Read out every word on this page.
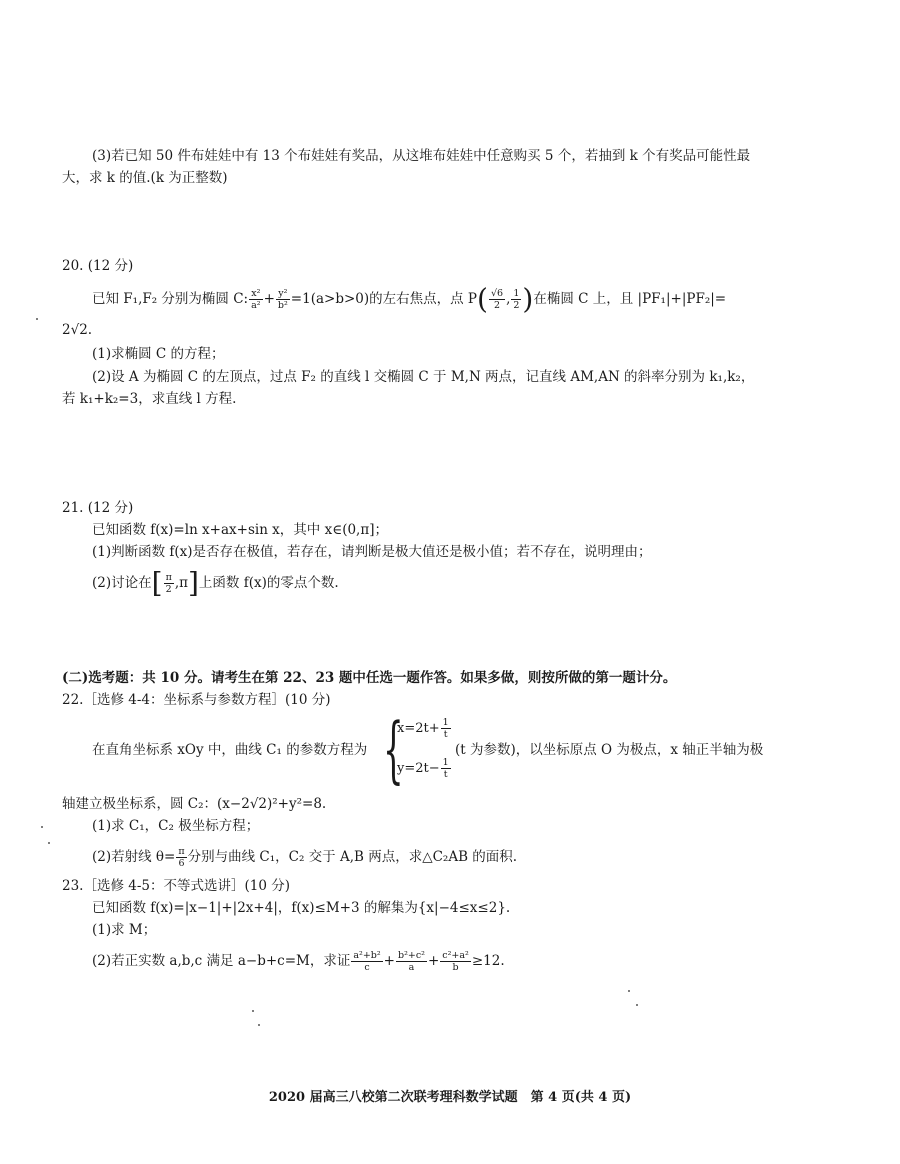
(3)若已知 50 件布娃娃中有 13 个布娃娃有奖品，从这堆布娃娃中任意购买 5 个，若抽到 k 个有奖品可能性最
大，求 k 的值.(k 为正整数)
20. (12 分)
已知 F₁,F₂ 分别为椭圆 C: $\frac{\text{x²}}{\text{a²}} + \frac{\text{y²}}{\text{b²}} =1(a>b>0)$的左右焦点，点 $P( \frac{√6}{2}$ , $\frac{1}{2}$ )在椭圆 C 上，且 |PF₁|+|PF₂|=
2√2.
(1)求椭圆 C 的方程；
(2)设 A 为椭圆 C 的左顶点，过点 F₂ 的直线 l 交椭圆 C 于 M,N 两点，记直线 AM,AN 的斜率分别为 k₁,k₂，
若 k₁+k₂=3，求直线 l 方程.
21. (12 分)
已知函数 f(x)=ln x+ax+sin x，其中 x∈(0,π]；
(1)判断函数 f(x)是否存在极值，若存在，请判断是极大值还是极小值；若不存在，说明理由；
(2)讨论在[ $\frac{\pi}{2} ,\pi$]上函数 f(x)的零点个数.
(二)选考题：共 10 分。请考生在第 22、23 题中任选一题作答。如果多做，则按所做的第一题计分。
22.［选修 4-4：坐标系与参数方程］(10 分)
在直角坐标系 xOy 中，曲线 C₁ 的参数方程为 {
$x=2t+ \frac{1}{t}$
$y=2t- \frac{1}{t}$
(t 为参数)，以坐标原点 O 为极点，x 轴正半轴为极
轴建立极坐标系，圆 C₂：(x−2√2)²+y²=8.
(1)求 C₁，C₂ 极坐标方程；
(2)若射线 $\theta= \frac{\pi}{6}$ 分别与曲线 C₁，C₂ 交于 A,B 两点，求△C₂AB 的面积.
23.［选修 4-5：不等式选讲］(10 分)
已知函数 f(x)=|x−1|+|2x+4|，f(x)≤M+3 的解集为{x|−4≤x≤2}.
(1)求 M；
(2)若正实数 a,b,c 满足 a−b+c=M，求证 $\frac{\text{a²+b²}}{c} + \frac{\text{b²+c²}}{a} + \frac{\text{c²+a²}}{b} \ge 12$.
2020 届高三八校第二次联考理科数学试题　第 4 页(共 4 页)
